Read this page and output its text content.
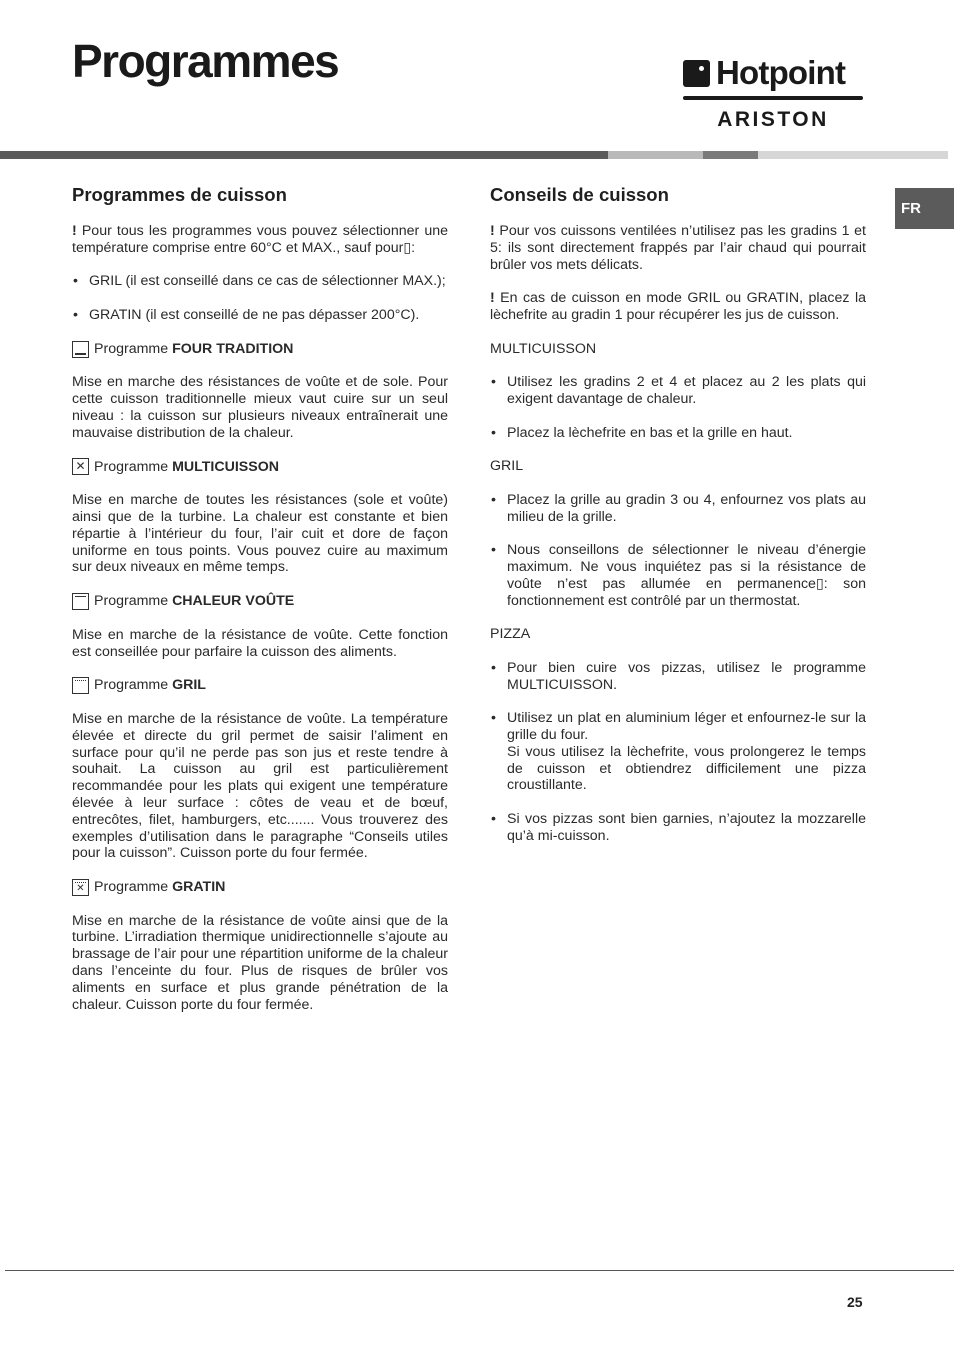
Programmes	Hotpoint
ARISTON
FR
Programmes de cuisson

! Pour tous les programmes vous pouvez sélectionner une température comprise entre 60°C et MAX., sauf pour▯:

• GRIL (il est conseillé dans ce cas de sélectionner MAX.);
• GRATIN (il est conseillé de ne pas dépasser 200°C).
Programme FOUR TRADITION

Mise en marche des résistances de voûte et de sole. Pour cette cuisson traditionnelle mieux vaut cuire sur un seul niveau : la cuisson sur plusieurs niveaux entraînerait une mauvaise distribution de la chaleur.

✕ Programme MULTICUISSON

Mise en marche de toutes les résistances (sole et voûte) ainsi que de la turbine. La chaleur est constante et bien répartie à l’intérieur du four, l’air cuit et dore de façon uniforme en tous points. Vous pouvez cuire au maximum sur deux niveaux en même temps.

Programme CHALEUR VOÛTE

Mise en marche de la résistance de voûte. Cette fonction est conseillée pour parfaire la cuisson des aliments.

Programme GRIL

Mise en marche de la résistance de voûte. La température élevée et directe du gril permet de saisir l’aliment en surface pour qu’il ne perde pas son jus et reste tendre à souhait. La cuisson au gril est particulièrement recommandée pour les plats qui exigent une température élevée à leur surface : côtes de veau et de bœuf, entrecôtes, filet, hamburgers, etc....... Vous trouverez des exemples d’utilisation dans le paragraphe “Conseils utiles pour la cuisson”. Cuisson porte du four fermée.

✕ Programme GRATIN

Mise en marche de la résistance de voûte ainsi que de la turbine. L’irradiation thermique unidirectionnelle s’ajoute au brassage de l’air pour une répartition uniforme de la chaleur dans l’enceinte du four. Plus de risques de brûler vos aliments en surface et plus grande pénétration de la chaleur. Cuisson porte du four fermée.

Conseils de cuisson

! Pour vos cuissons ventilées n’utilisez pas les gradins 1 et 5: ils sont directement frappés par l’air chaud qui pourrait brûler vos mets délicats.

! En cas de cuisson en mode GRIL ou GRATIN, placez la lèchefrite au gradin 1 pour récupérer les jus de cuisson.

MULTICUISSON

• Utilisez les gradins 2 et 4 et placez au 2 les plats qui exigent davantage de chaleur.
• Placez la lèchefrite en bas et la grille en haut.

GRIL

• Placez la grille au gradin 3 ou 4, enfournez vos plats au milieu de la grille.
• Nous conseillons de sélectionner le niveau d’énergie maximum. Ne vous inquiétez pas si la résistance de voûte n’est pas allumée en permanence▯: son fonctionnement est contrôlé par un thermostat.

PIZZA

• Pour bien cuire vos pizzas, utilisez le programme MULTICUISSON.
• Utilisez un plat en aluminium léger et enfournez-le sur la grille du four.
Si vous utilisez la lèchefrite, vous prolongerez le temps de cuisson et obtiendrez difficilement une pizza croustillante.
• Si vos pizzas sont bien garnies, n’ajoutez la mozzarelle qu’à mi-cuisson.
25
